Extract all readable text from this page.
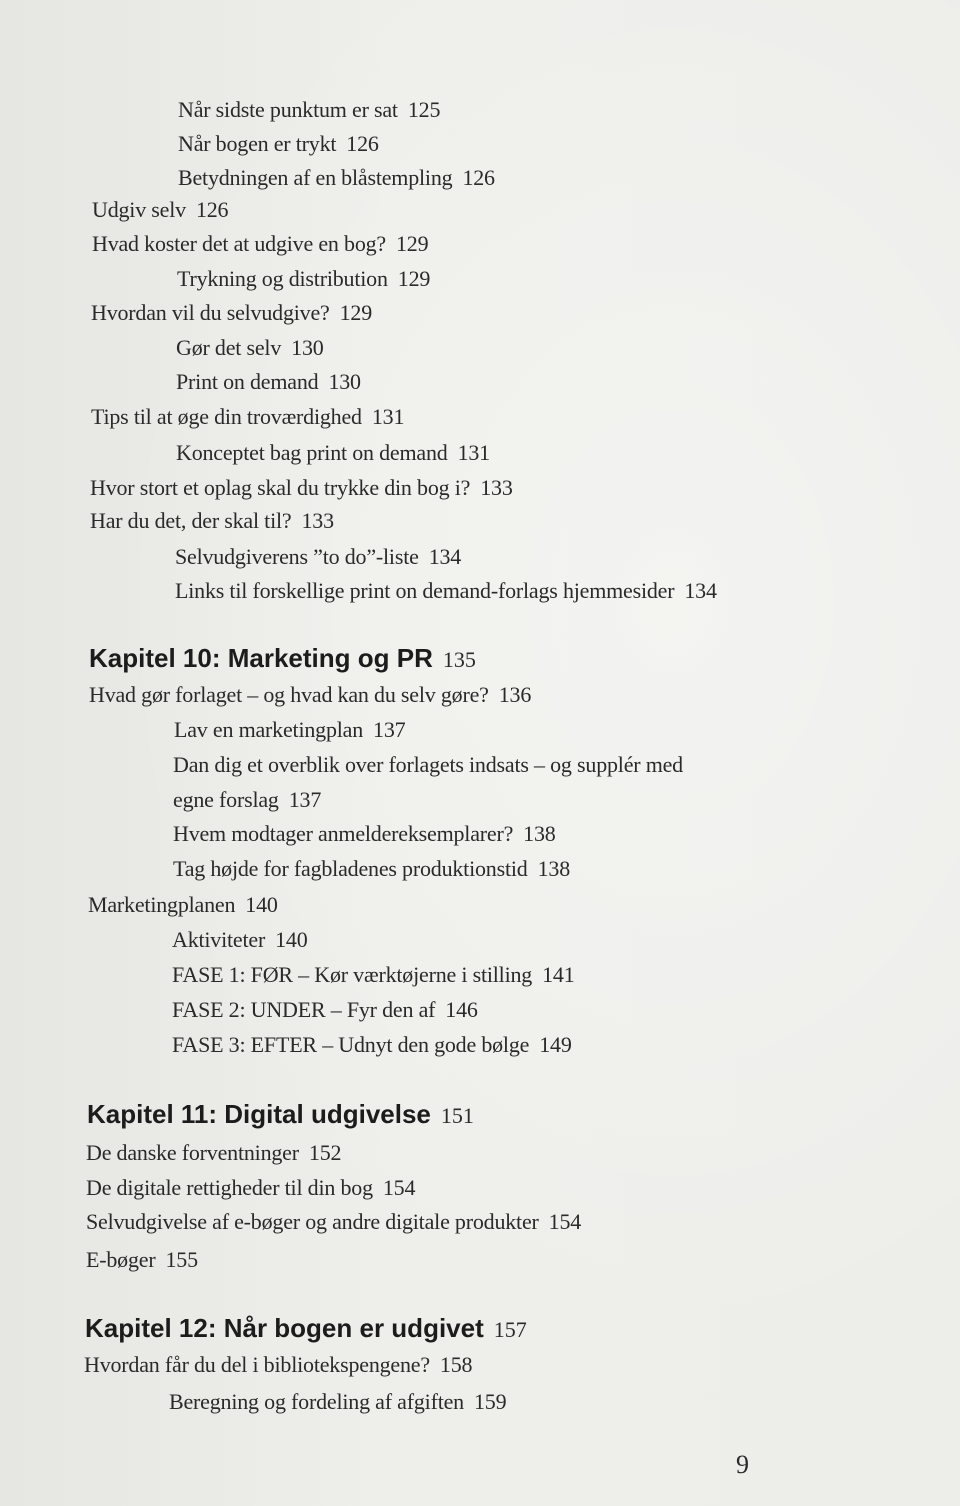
Når sidste punktum er sat 125
Når bogen er trykt 126
Betydningen af en blåstempling 126
Udgiv selv 126
Hvad koster det at udgive en bog? 129
Trykning og distribution 129
Hvordan vil du selvudgive? 129
Gør det selv 130
Print on demand 130
Tips til at øge din troværdighed 131
Konceptet bag print on demand 131
Hvor stort et oplag skal du trykke din bog i? 133
Har du det, der skal til? 133
Selvudgiverens ”to do”-liste 134
Links til forskellige print on demand-forlags hjemmesider 134
Kapitel 10: Marketing og PR 135
Hvad gør forlaget – og hvad kan du selv gøre? 136
Lav en marketingplan 137
Dan dig et overblik over forlagets indsats – og supplér med
egne forslag 137
Hvem modtager anmeldereksemplarer? 138
Tag højde for fagbladenes produktionstid 138
Marketingplanen 140
Aktiviteter 140
FASE 1: FØR – Kør værktøjerne i stilling 141
FASE 2: UNDER – Fyr den af 146
FASE 3: EFTER – Udnyt den gode bølge 149
Kapitel 11: Digital udgivelse 151
De danske forventninger 152
De digitale rettigheder til din bog 154
Selvudgivelse af e-bøger og andre digitale produkter 154
E-bøger 155
Kapitel 12: Når bogen er udgivet 157
Hvordan får du del i bibliotekspengene? 158
Beregning og fordeling af afgiften 159
9
